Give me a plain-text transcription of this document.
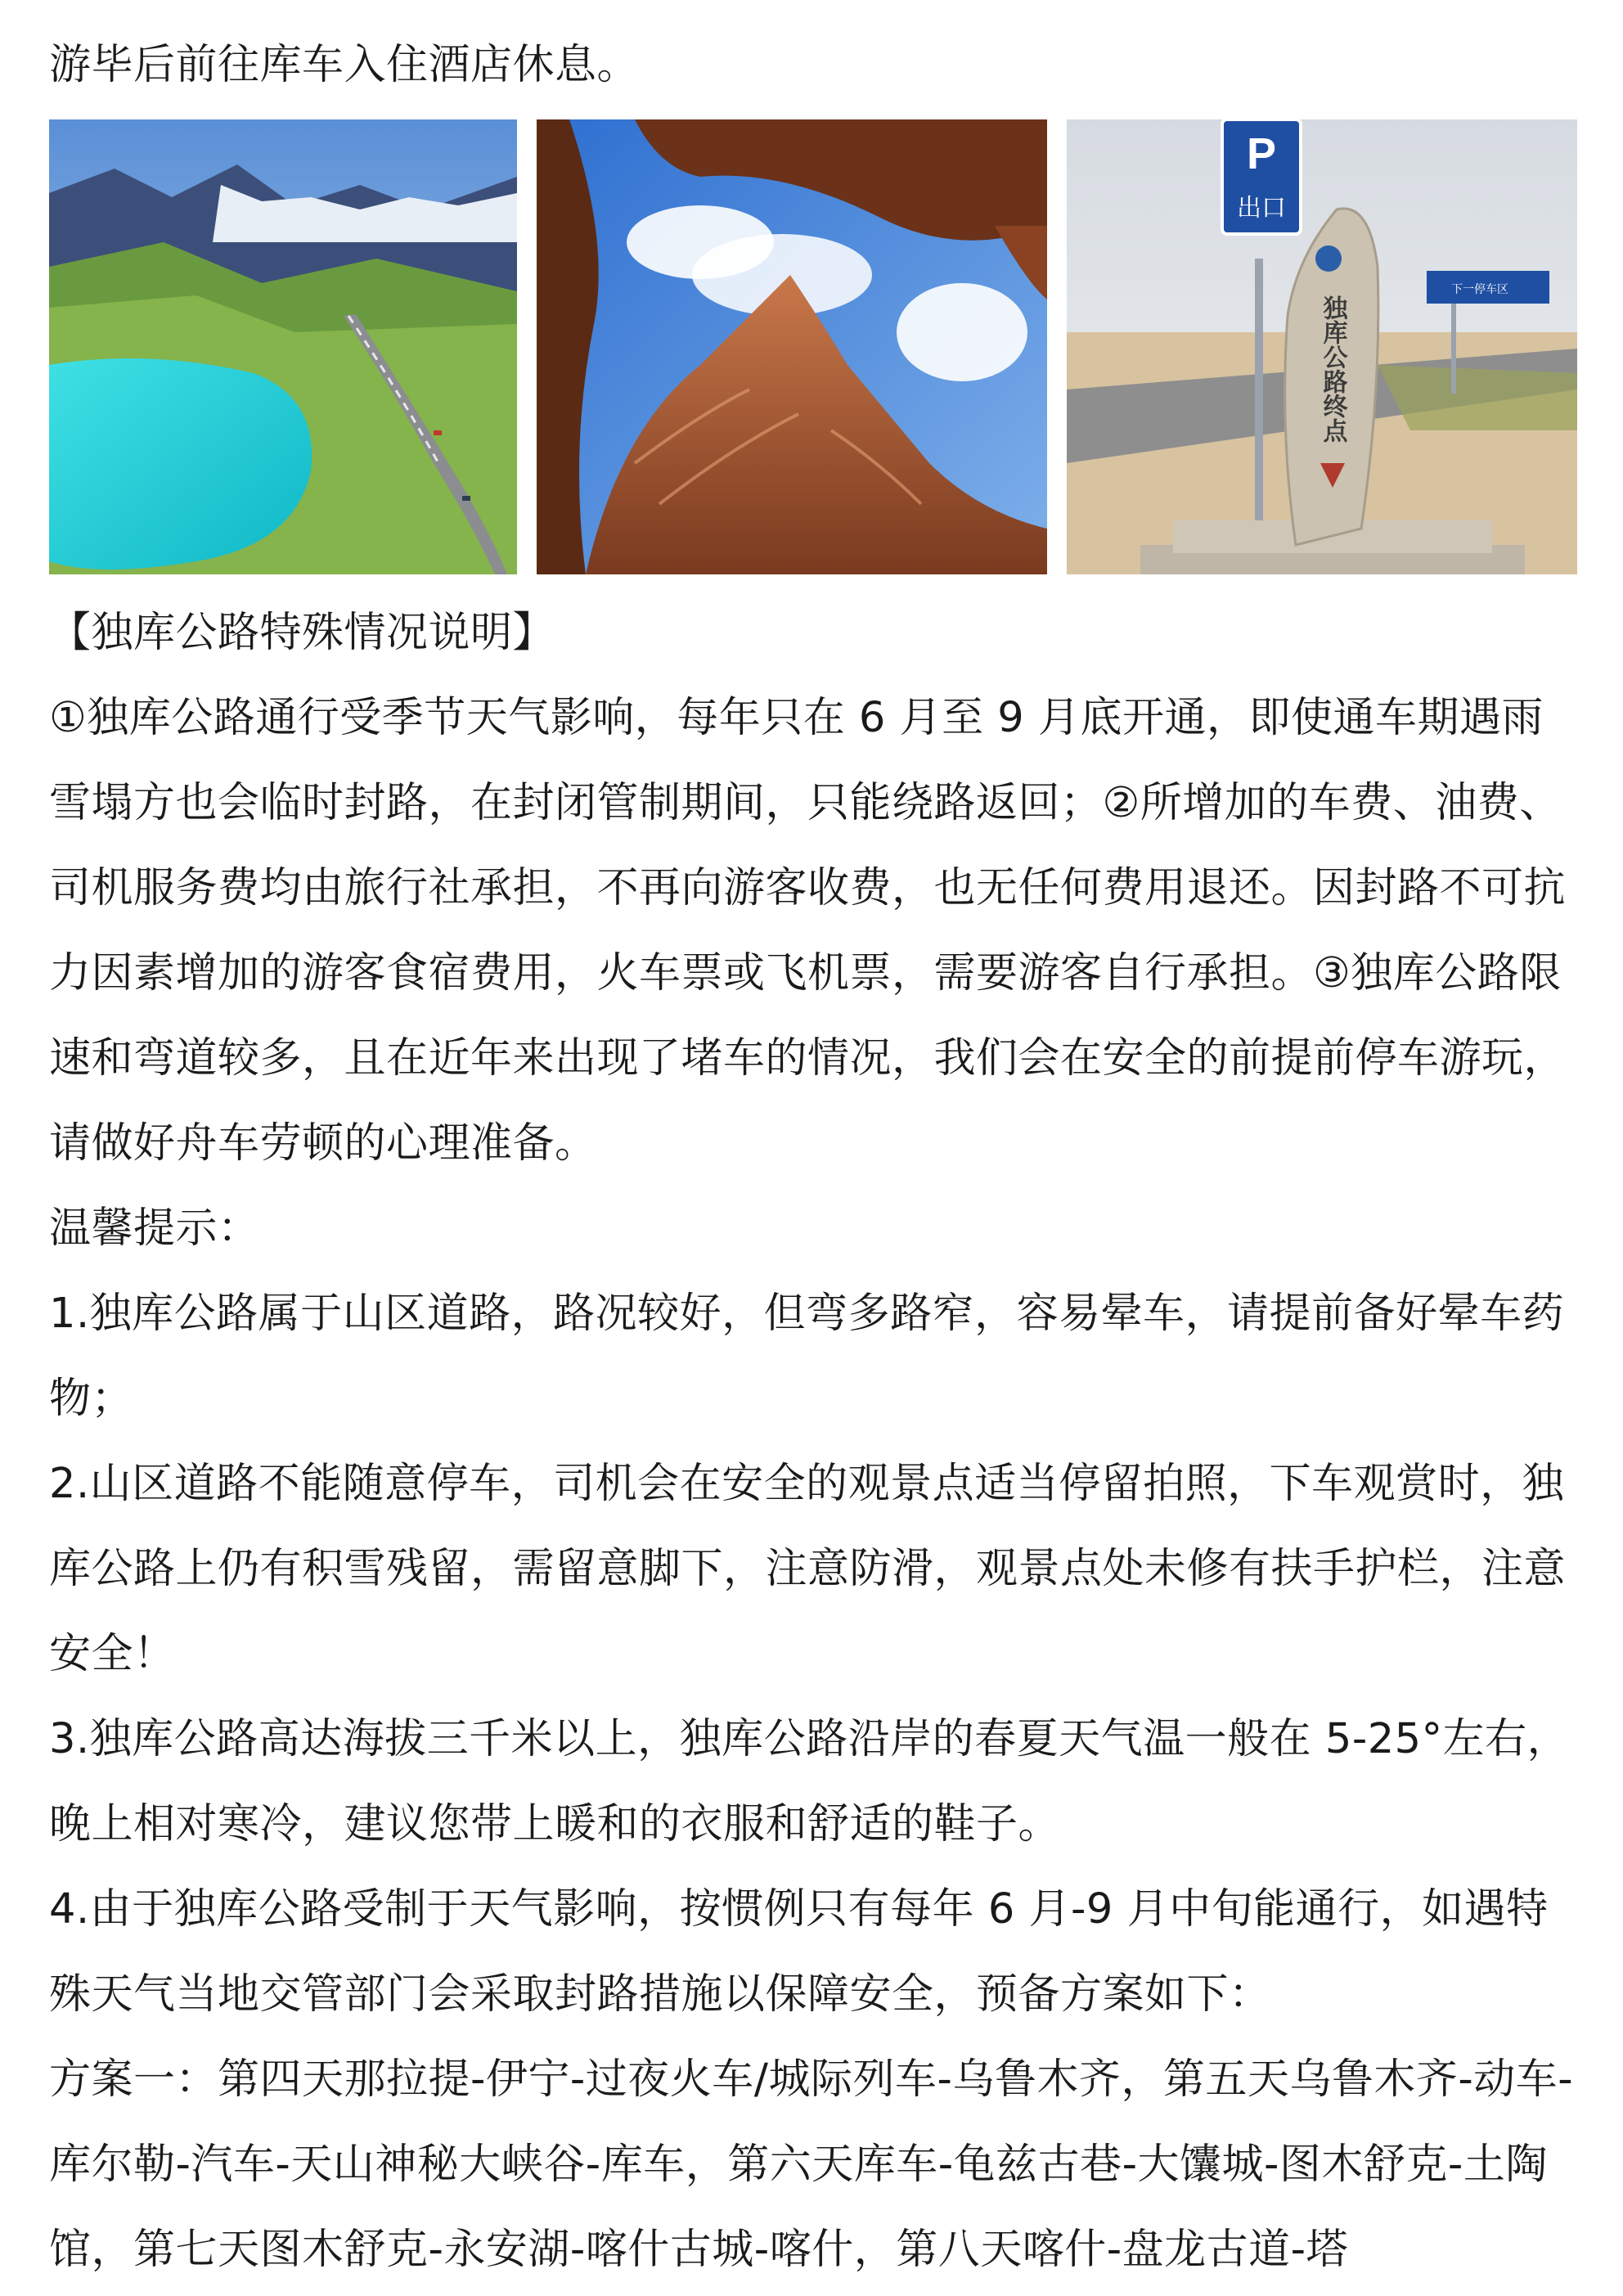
游毕后前往库车入住酒店休息。

P
出口
下一停车区
独库公路终点

【独库公路特殊情况说明】

①独库公路通行受季节天气影响，每年只在 6 月至 9 月底开通，即使通车期遇雨雪塌方也会临时封路，在封闭管制期间，只能绕路返回；②所增加的车费、油费、司机服务费均由旅行社承担，不再向游客收费，也无任何费用退还。因封路不可抗力因素增加的游客食宿费用，火车票或飞机票，需要游客自行承担。③独库公路限速和弯道较多，且在近年来出现了堵车的情况，我们会在安全的前提前停车游玩，请做好舟车劳顿的心理准备。

温馨提示：

1.独库公路属于山区道路，路况较好，但弯多路窄，容易晕车，请提前备好晕车药物；

2.山区道路不能随意停车，司机会在安全的观景点适当停留拍照，下车观赏时，独库公路上仍有积雪残留，需留意脚下，注意防滑，观景点处未修有扶手护栏，注意安全！

3.独库公路高达海拔三千米以上，独库公路沿岸的春夏天气温一般在 5-25°左右，晚上相对寒冷，建议您带上暖和的衣服和舒适的鞋子。

4.由于独库公路受制于天气影响，按惯例只有每年 6 月-9 月中旬能通行，如遇特殊天气当地交管部门会采取封路措施以保障安全，预备方案如下：

方案一：第四天那拉提-伊宁-过夜火车/城际列车-乌鲁木齐，第五天乌鲁木齐-动车-库尔勒-汽车-天山神秘大峡谷-库车，第六天库车-龟兹古巷-大馕城-图木舒克-土陶馆，第七天图木舒克-永安湖-喀什古城-喀什，第八天喀什-盘龙古道-塔
